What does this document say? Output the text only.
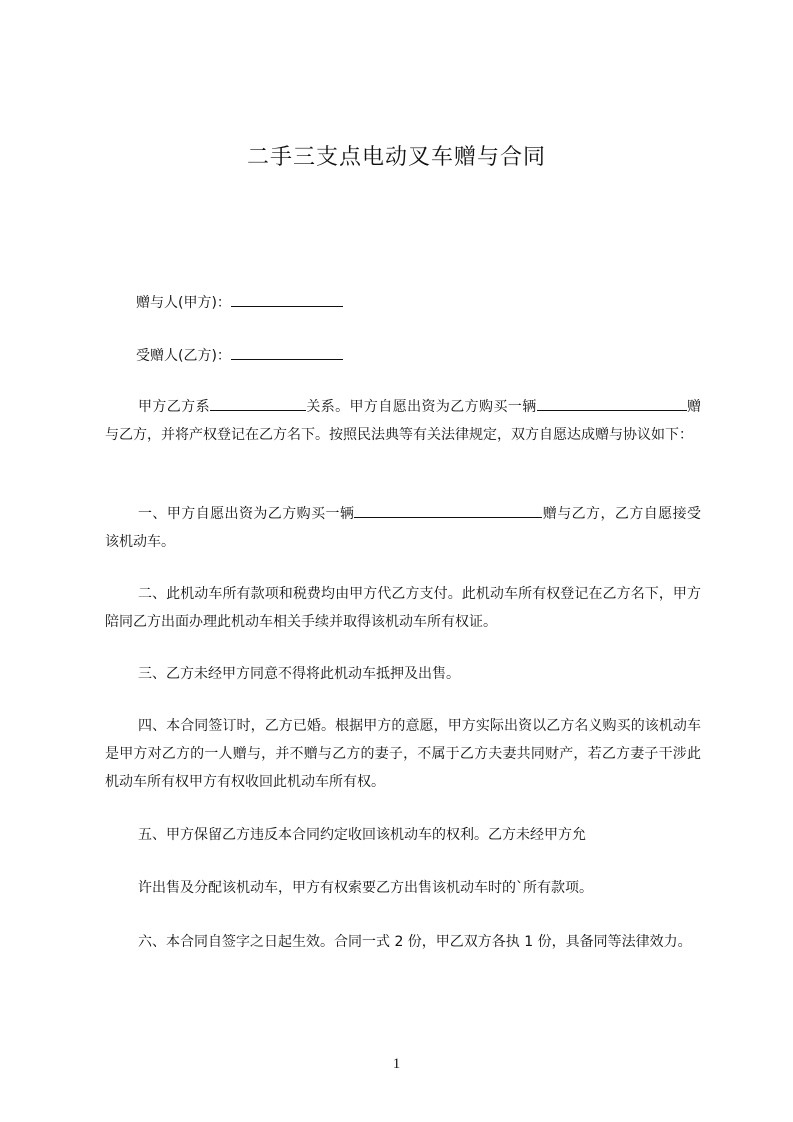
二手三支点电动叉车赠与合同
赠与人(甲方)：
受赠人(乙方)：

甲方乙方系	关系。甲方自愿出资为乙方购买一辆	赠与乙方，并将产权登记在乙方名下。按照民法典等有关法律规定，双方自愿达成赠与协议如下：

一、甲方自愿出资为乙方购买一辆	赠与乙方，乙方自愿接受该机动车。

二、此机动车所有款项和税费均由甲方代乙方支付。此机动车所有权登记在乙方名下，甲方陪同乙方出面办理此机动车相关手续并取得该机动车所有权证。

三、乙方未经甲方同意不得将此机动车抵押及出售。

四、本合同签订时，乙方已婚。根据甲方的意愿，甲方实际出资以乙方名义购买的该机动车是甲方对乙方的一人赠与，并不赠与乙方的妻子，不属于乙方夫妻共同财产，若乙方妻子干涉此机动车所有权甲方有权收回此机动车所有权。

五、甲方保留乙方违反本合同约定收回该机动车的权利。乙方未经甲方允

许出售及分配该机动车，甲方有权索要乙方出售该机动车时的`所有款项。

六、本合同自签字之日起生效。合同一式 2 份，甲乙双方各执 1 份，具备同等法律效力。

1
